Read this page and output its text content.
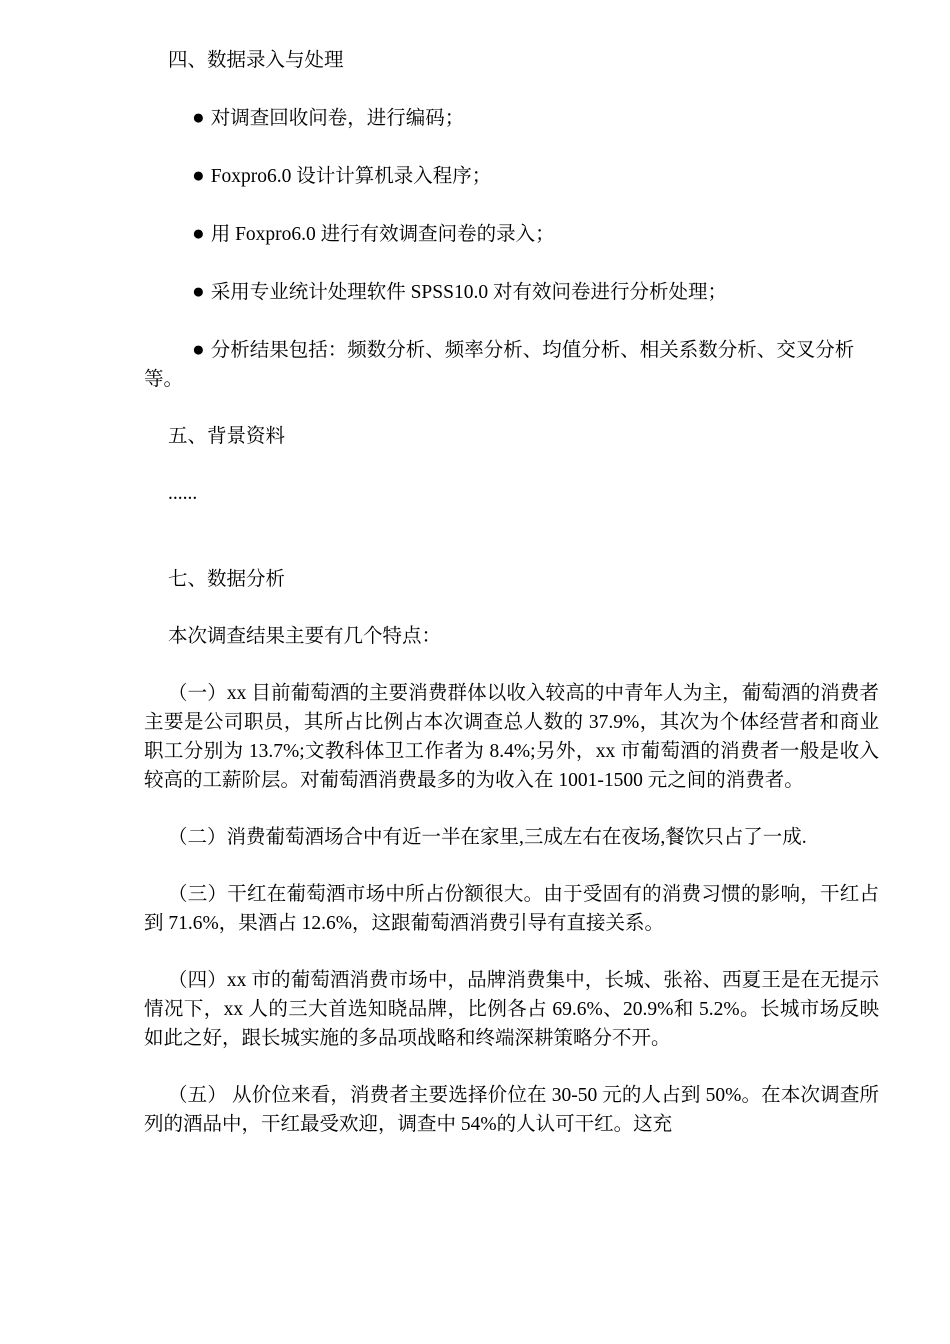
四、数据录入与处理
● 对调查回收问卷，进行编码；
● Foxpro6.0 设计计算机录入程序；
● 用 Foxpro6.0 进行有效调查问卷的录入；
● 采用专业统计处理软件 SPSS10.0 对有效问卷进行分析处理；
● 分析结果包括：频数分析、频率分析、均值分析、相关系数分析、交叉分析等。
五、背景资料
......
七、数据分析
本次调查结果主要有几个特点：
（一）xx 目前葡萄酒的主要消费群体以收入较高的中青年人为主，葡萄酒的消费者主要是公司职员，其所占比例占本次调查总人数的 37.9%，其次为个体经营者和商业职工分别为 13.7%;文教科体卫工作者为 8.4%;另外，xx 市葡萄酒的消费者一般是收入较高的工薪阶层。对葡萄酒消费最多的为收入在 1001-1500 元之间的消费者。
（二）消费葡萄酒场合中有近一半在家里,三成左右在夜场,餐饮只占了一成.
（三）干红在葡萄酒市场中所占份额很大。由于受固有的消费习惯的影响，干红占到 71.6%，果酒占 12.6%，这跟葡萄酒消费引导有直接关系。
（四）xx 市的葡萄酒消费市场中，品牌消费集中，长城、张裕、西夏王是在无提示情况下，xx 人的三大首选知晓品牌，比例各占 69.6%、20.9%和 5.2%。长城市场反映如此之好，跟长城实施的多品项战略和终端深耕策略分不开。
（五） 从价位来看，消费者主要选择价位在 30-50 元的人占到 50%。在本次调查所列的酒品中，干红最受欢迎，调查中 54%的人认可干红。这充
